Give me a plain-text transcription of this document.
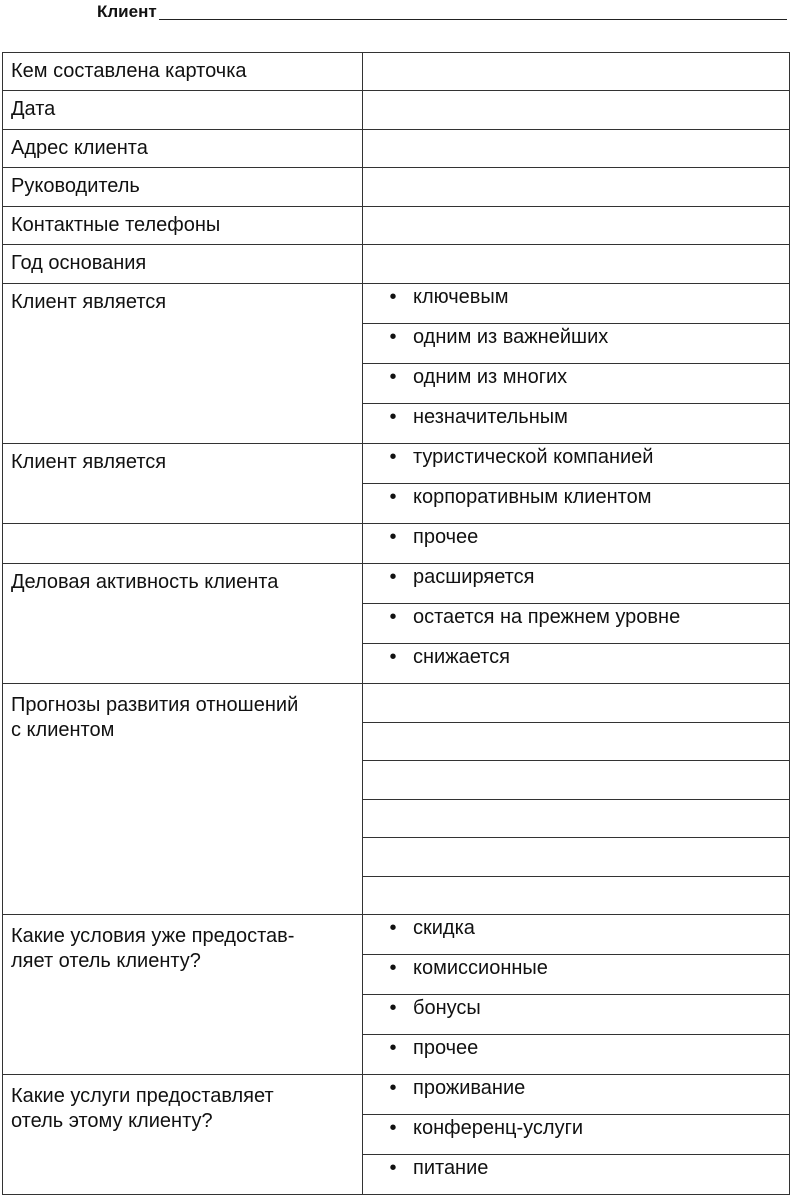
Клиент
Кем составлена карточка	
Дата	
Адрес клиента	
Руководитель	
Контактные телефоны	
Год основания	
Клиент является	• ключевым

	• одним из важнейших

	• одним из многих

	• незначительным

Клиент является	• туристической компанией

	• корпоративным клиентом

	• прочее

Деловая активность клиента	• расширяется

	• остается на прежнем уровне

	• снижается

Прогнозы развития отношений
с клиентом	

Какие условия уже предостав-
ляет отель клиенту?	• скидка

	• комиссионные

	• бонусы

	• прочее

Какие услуги предоставляет
отель этому клиенту?	• проживание

	• конференц-услуги

	• питание
